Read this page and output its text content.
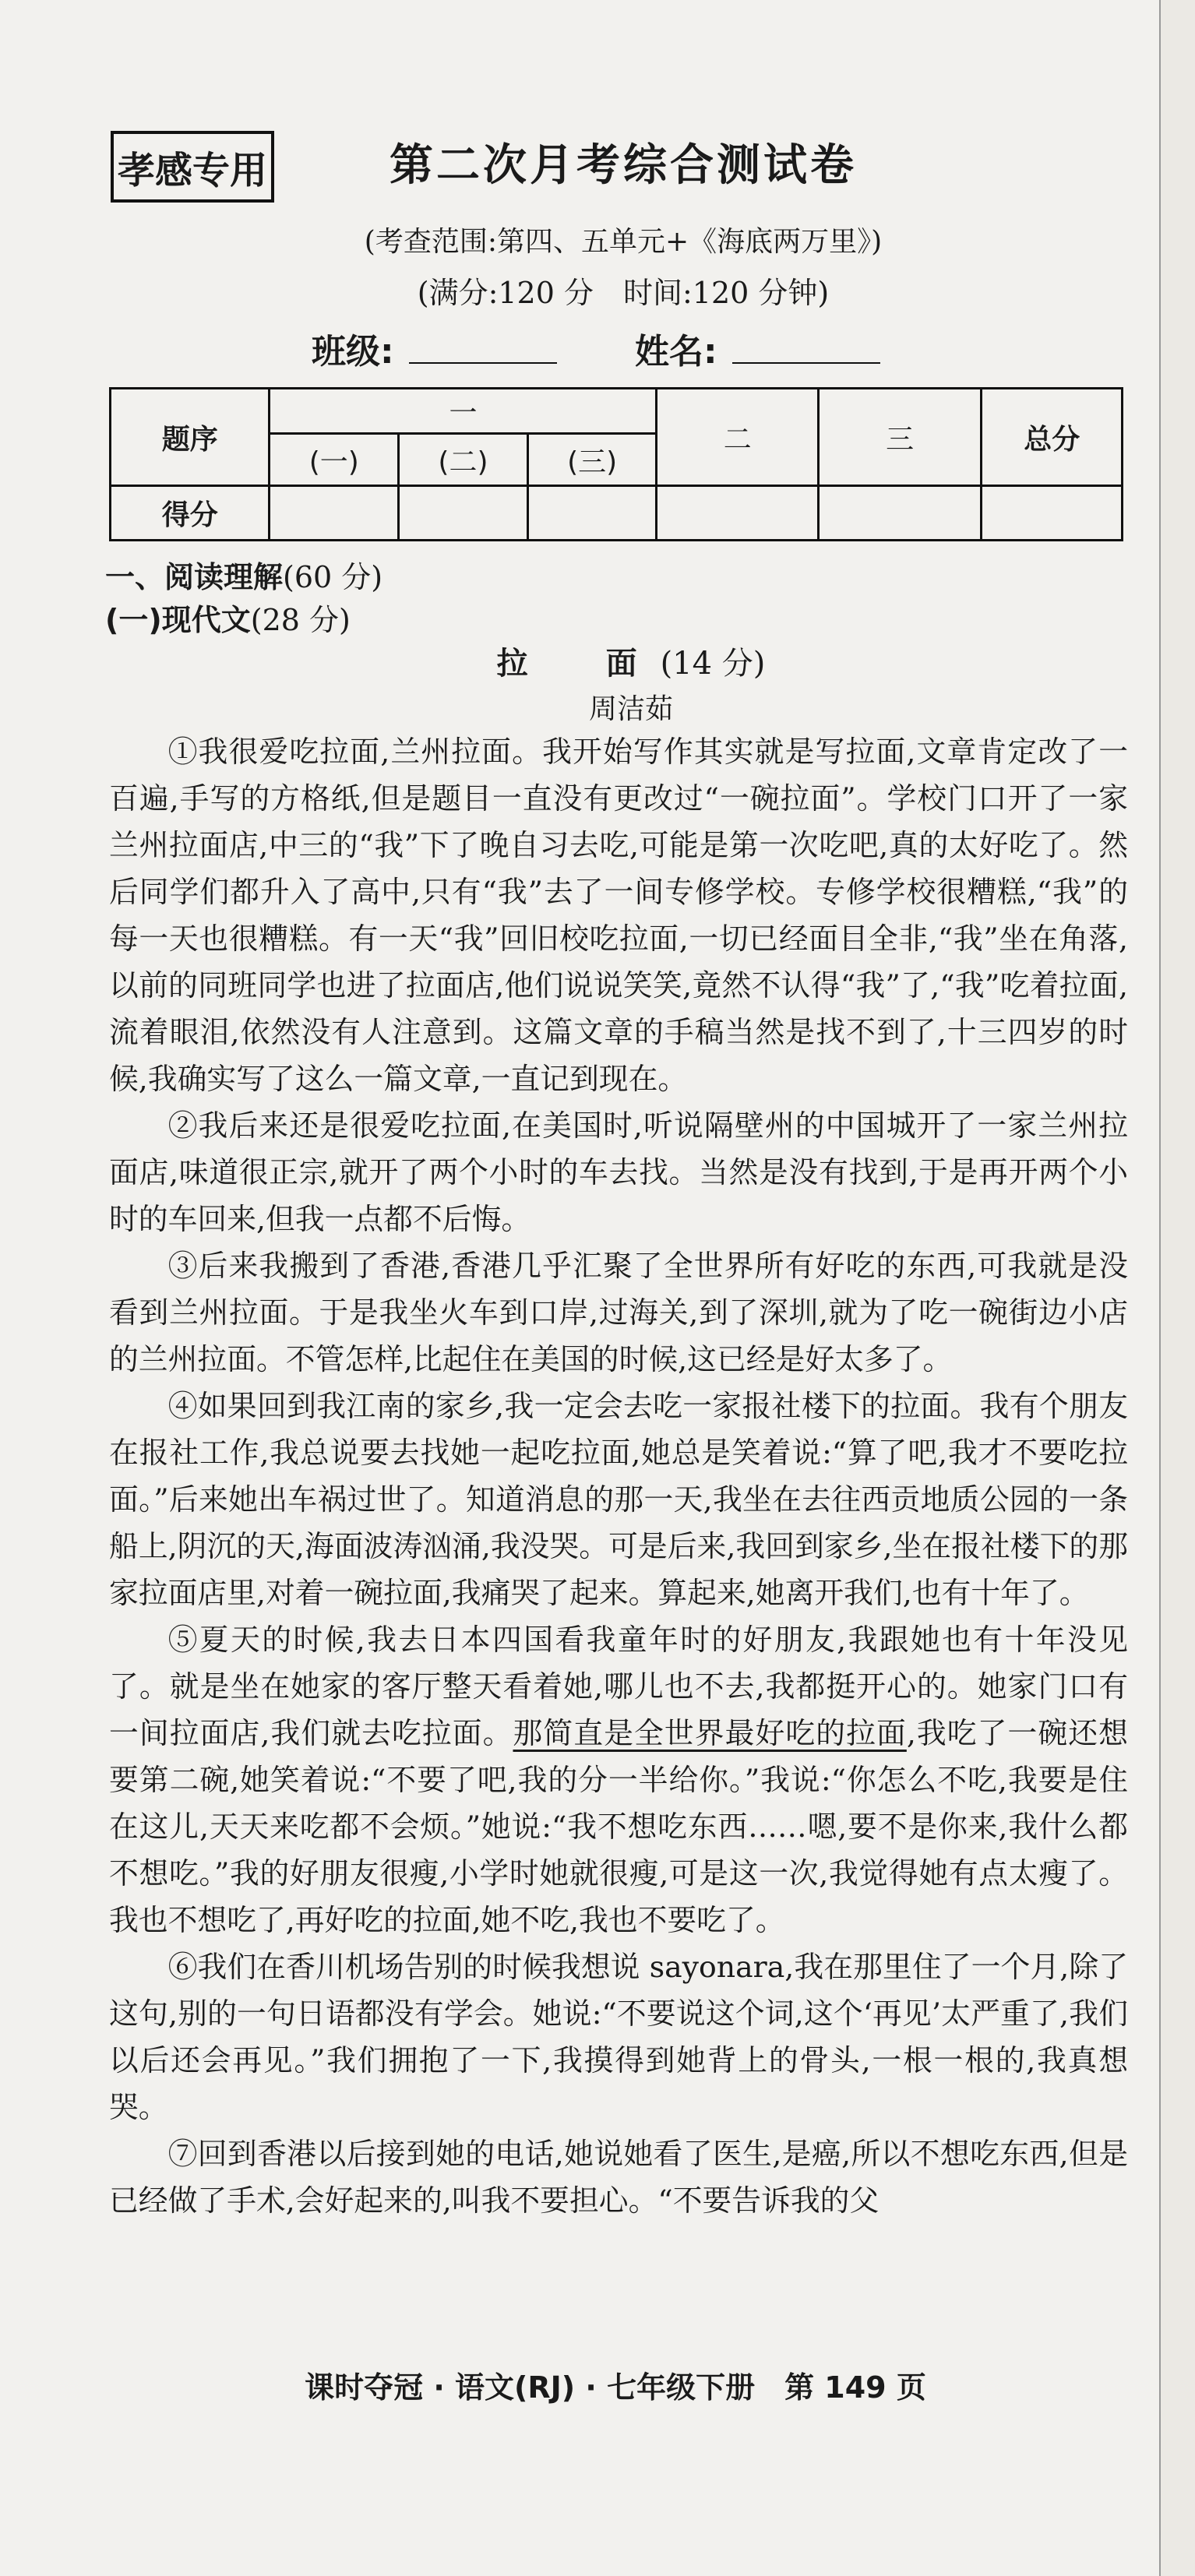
孝感专用	第二次月考综合测试卷
(考查范围:第四、五单元+《海底两万里》)
(满分:120 分　时间:120 分钟)
班级:	姓名:
题序	一			二	三	总分
	(一)	(二)	(三)			
得分						
一、阅读理解(60 分)
(一)现代文(28 分)
拉　面(14 分)
周洁茹

①我很爱吃拉面,兰州拉面。我开始写作其实就是写拉面,文章肯定改了一百遍,手写的方格纸,但是题目一直没有更改过“一碗拉面”。学校门口开了一家兰州拉面店,中三的“我”下了晚自习去吃,可能是第一次吃吧,真的太好吃了。然后同学们都升入了高中,只有“我”去了一间专修学校。专修学校很糟糕,“我”的每一天也很糟糕。有一天“我”回旧校吃拉面,一切已经面目全非,“我”坐在角落,以前的同班同学也进了拉面店,他们说说笑笑,竟然不认得“我”了,“我”吃着拉面,流着眼泪,依然没有人注意到。这篇文章的手稿当然是找不到了,十三四岁的时候,我确实写了这么一篇文章,一直记到现在。

②我后来还是很爱吃拉面,在美国时,听说隔壁州的中国城开了一家兰州拉面店,味道很正宗,就开了两个小时的车去找。当然是没有找到,于是再开两个小时的车回来,但我一点都不后悔。

③后来我搬到了香港,香港几乎汇聚了全世界所有好吃的东西,可我就是没看到兰州拉面。于是我坐火车到口岸,过海关,到了深圳,就为了吃一碗街边小店的兰州拉面。不管怎样,比起住在美国的时候,这已经是好太多了。

④如果回到我江南的家乡,我一定会去吃一家报社楼下的拉面。我有个朋友在报社工作,我总说要去找她一起吃拉面,她总是笑着说:“算了吧,我才不要吃拉面。”后来她出车祸过世了。知道消息的那一天,我坐在去往西贡地质公园的一条船上,阴沉的天,海面波涛汹涌,我没哭。可是后来,我回到家乡,坐在报社楼下的那家拉面店里,对着一碗拉面,我痛哭了起来。算起来,她离开我们,也有十年了。

⑤夏天的时候,我去日本四国看我童年时的好朋友,我跟她也有十年没见了。就是坐在她家的客厅整天看着她,哪儿也不去,我都挺开心的。她家门口有一间拉面店,我们就去吃拉面。那简直是全世界最好吃的拉面,我吃了一碗还想要第二碗,她笑着说:“不要了吧,我的分一半给你。”我说:“你怎么不吃,我要是住在这儿,天天来吃都不会烦。”她说:“我不想吃东西……嗯,要不是你来,我什么都不想吃。”我的好朋友很瘦,小学时她就很瘦,可是这一次,我觉得她有点太瘦了。我也不想吃了,再好吃的拉面,她不吃,我也不要吃了。

⑥我们在香川机场告别的时候我想说 sayonara,我在那里住了一个月,除了这句,别的一句日语都没有学会。她说:“不要说这个词,这个‘再见’太严重了,我们以后还会再见。”我们拥抱了一下,我摸得到她背上的骨头,一根一根的,我真想哭。

⑦回到香港以后接到她的电话,她说她看了医生,是癌,所以不想吃东西,但是已经做了手术,会好起来的,叫我不要担心。“不要告诉我的父

课时夺冠 · 语文(RJ) · 七年级下册　第 149 页
